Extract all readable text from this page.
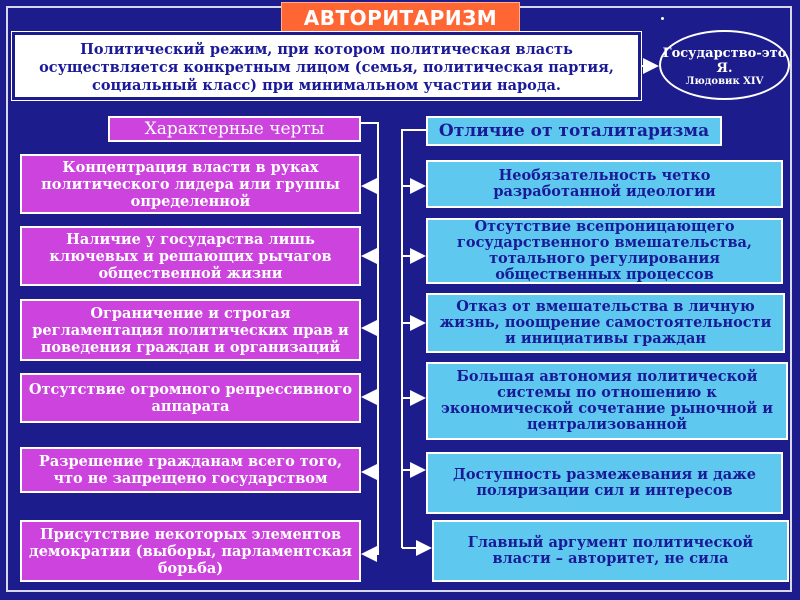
АВТОРИТАРИЗМ
Политический режим, при котором политическая власть осуществляется конкретным лицом (семья, политическая партия, социальный класс) при минимальном участии народа.
Государство-это Я.
Людовик XIV
Характерные черты	Отличие от тоталитаризма
Концентрация власти в руках политического лидера или группы определенной
Наличие у государства лишь ключевых и решающих рычагов общественной жизни
Ограничение и строгая регламентация политических прав и поведения граждан и организаций
Отсутствие огромного репрессивного аппарата
Разрешение гражданам всего того, что не запрещено государством
Присутствие некоторых элементов демократии (выборы, парламентская борьба)
Необязательность четко разработанной идеологии
Отсутствие всепроницающего государственного вмешательства, тотального регулирования общественных процессов
Отказ от вмешательства в личную жизнь, поощрение самостоятельности и инициативы граждан
Большая автономия политической системы по отношению к экономической сочетание рыночной и централизованной
Доступность размежевания и даже поляризации сил и интересов
Главный аргумент политической власти – авторитет, не сила
